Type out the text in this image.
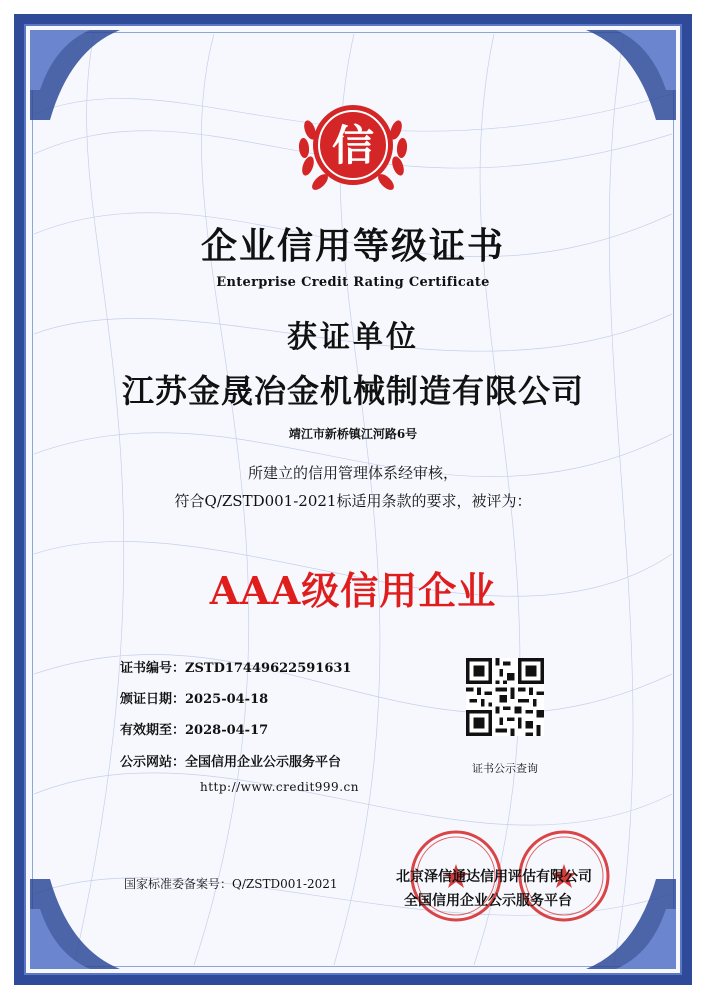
信
企业信用等级证书
Enterprise Credit Rating Certificate
获证单位
江苏金晟冶金机械制造有限公司
靖江市新桥镇江河路6号
所建立的信用管理体系经审核，
符合Q/ZSTD001-2021标适用条款的要求，被评为：
AAA级信用企业
证书编号：ZSTD17449622591631
颁证日期：2025-04-18
有效期至：2028-04-17
公示网站：全国信用企业公示服务平台
http://www.credit999.cn
证书公示查询
国家标准委备案号：Q/ZSTD001-2021	北京泽信通达信用评估有限公司
全国信用企业公示服务平台
